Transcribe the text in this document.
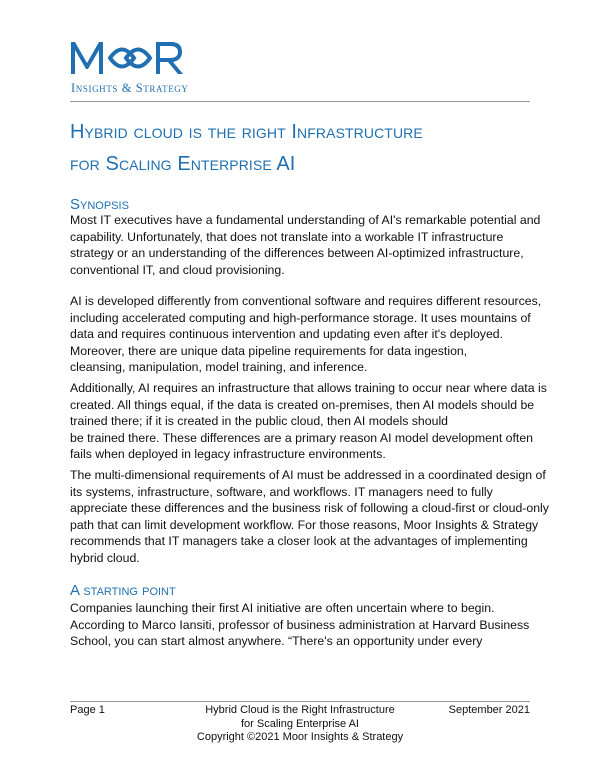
Insights & Strategy
Hybrid cloud is the right Infrastructure
for Scaling Enterprise AI
Synopsis

Most IT executives have a fundamental understanding of AI's remarkable potential and
capability. Unfortunately, that does not translate into a workable IT infrastructure
strategy or an understanding of the differences between AI-optimized infrastructure,
conventional IT, and cloud provisioning.

AI is developed differently from conventional software and requires different resources,
including accelerated computing and high-performance storage. It uses mountains of
data and requires continuous intervention and updating even after it's deployed.
Moreover, there are unique data pipeline requirements for data ingestion,
cleansing, manipulation, model training, and inference.

Additionally, AI requires an infrastructure that allows training to occur near where data is
created. All things equal, if the data is created on-premises, then AI models should be
trained there; if it is created in the public cloud, then AI models should
be trained there. These differences are a primary reason AI model development often
fails when deployed in legacy infrastructure environments.

The multi-dimensional requirements of AI must be addressed in a coordinated design of
its systems, infrastructure, software, and workflows. IT managers need to fully
appreciate these differences and the business risk of following a cloud-first or cloud-only
path that can limit development workflow. For those reasons, Moor Insights & Strategy
recommends that IT managers take a closer look at the advantages of implementing
hybrid cloud.

A starting point

Companies launching their first AI initiative are often uncertain where to begin.
According to Marco Iansiti, professor of business administration at Harvard Business
School, you can start almost anywhere. “There's an opportunity under every

Hybrid Cloud is the Right Infrastructure
for Scaling Enterprise AI
Copyright ©2021 Moor Insights & Strategy
Page 1	September 2021
